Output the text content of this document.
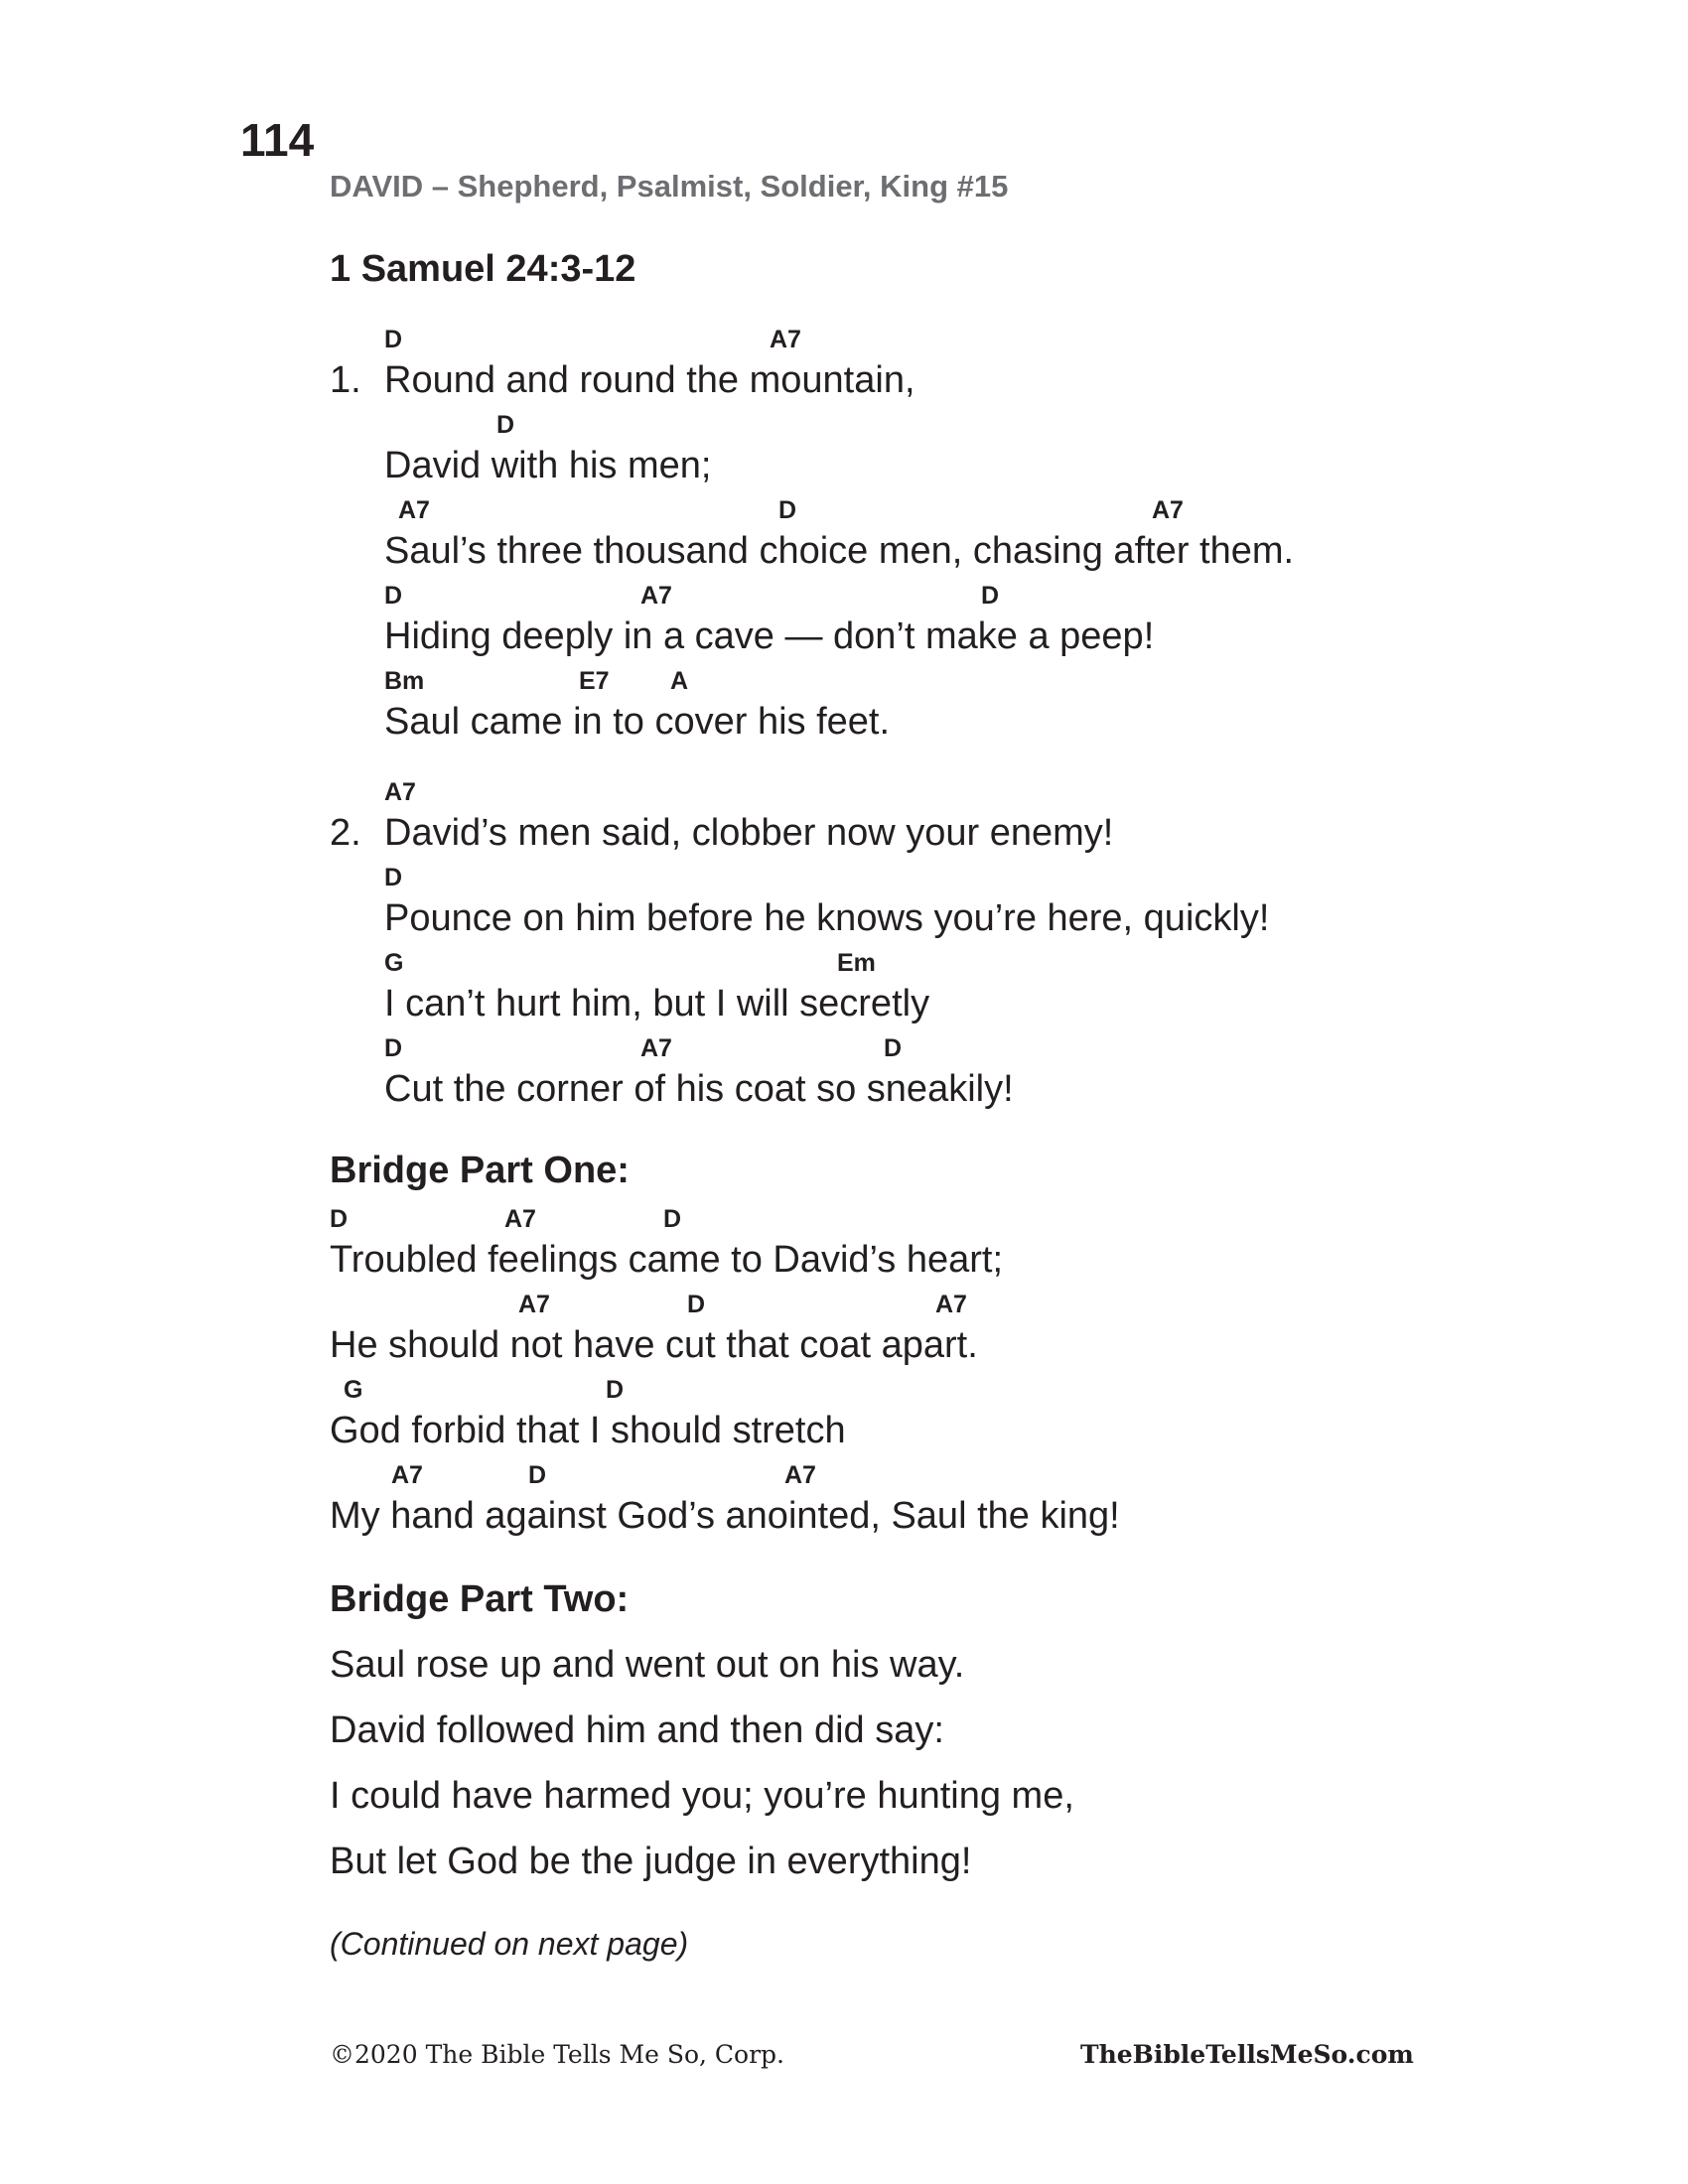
114
DAVID – Shepherd, Psalmist, Soldier, King #15
1 Samuel 24:3-12
1.
D	A7
Round and round the mountain,
D
David with his men;
A7	D	A7
Saul’s three thousand choice men, chasing after them.
D	A7	D
Hiding deeply in a cave — don’t make a peep!
Bm	E7 A
Saul came in to cover his feet.
2.
A7
David’s men said, clobber now your enemy!
D
Pounce on him before he knows you’re here, quickly!
G	Em
I can’t hurt him, but I will secretly
D	A7	D
Cut the corner of his coat so sneakily!
Bridge Part One:
D	A7	D
Troubled feelings came to David’s heart;
A7	D	A7
He should not have cut that coat apart.
G	D
God forbid that I should stretch
A7	D	A7
My hand against God’s anointed, Saul the king!
Bridge Part Two:
Saul rose up and went out on his way.
David followed him and then did say:
I could have harmed you; you’re hunting me,
But let God be the judge in everything!
(Continued on next page)
©2020 The Bible Tells Me So, Corp.	TheBibleTellsMeSo.com
